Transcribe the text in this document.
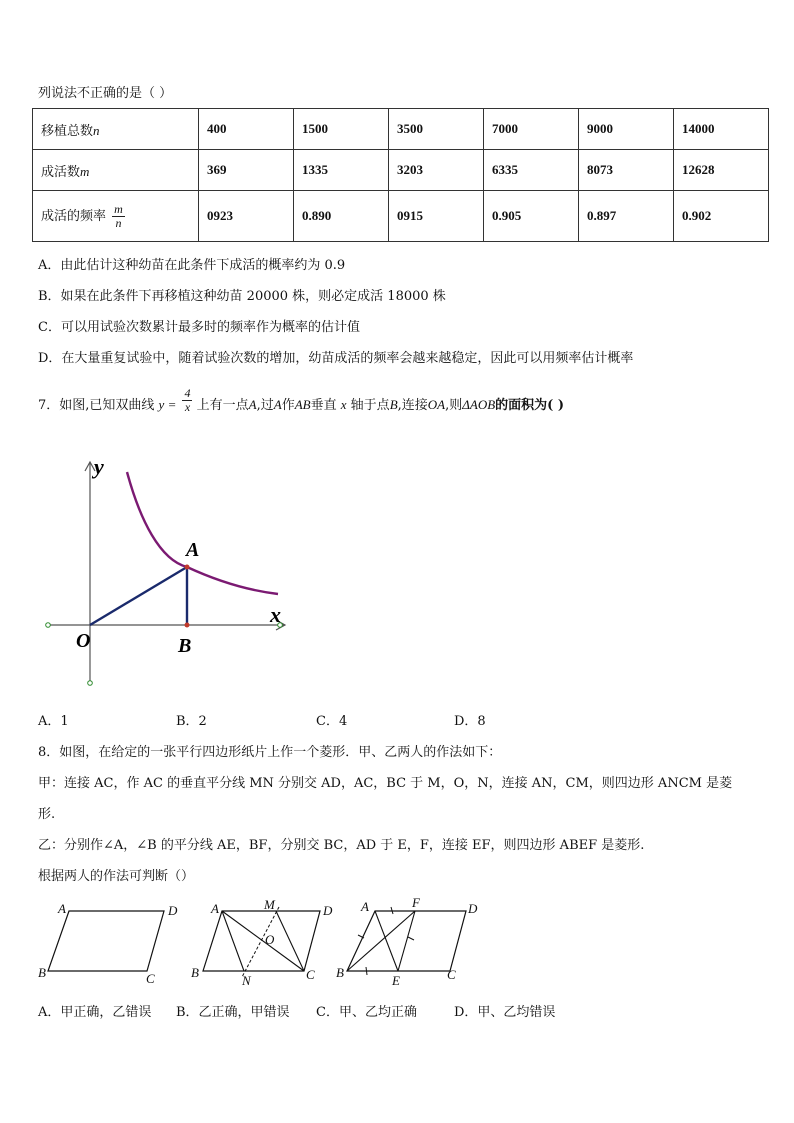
列说法不正确的是（ ）
移植总数n	400	1500	3500	7000	9000	14000
成活数m	369	1335	3203	6335	8073	12628
成活的频率 $\frac{m}{n}$	0923	0.890	0915	0.905	0.897	0.902
A．由此估计这种幼苗在此条件下成活的概率约为 0.9
B．如果在此条件下再移植这种幼苗 20000 株，则必定成活 18000 株
C．可以用试验次数累计最多时的频率作为概率的估计值
D．在大量重复试验中，随着试验次数的增加，幼苗成活的频率会越来越稳定，因此可以用频率估计概率
7．如图,已知双曲线 $y = \frac{4}{x}$ 上有一点A,过A作AB垂直 x 轴于点B,连接OA,则ΔAOB的面积为( )
y
x
O
A
B
A．1	B．2	C．4	D．8
8．如图，在给定的一张平行四边形纸片上作一个菱形．甲、乙两人的作法如下：
甲：连接 AC，作 AC 的垂直平分线 MN 分别交 AD，AC，BC 于 M，O，N，连接 AN，CM，则四边形 ANCM 是菱
形.
乙：分别作∠A，∠B 的平分线 AE，BF，分别交 BC，AD 于 E，F，连接 EF，则四边形 ABEF 是菱形.
根据两人的作法可判断（）
A	D
B	C
A	M	D
O
B
N	C
A	F	D
B
E	C
A．甲正确，乙错误 B．乙正确，甲错误 C．甲、乙均正确	D．甲、乙均错误
